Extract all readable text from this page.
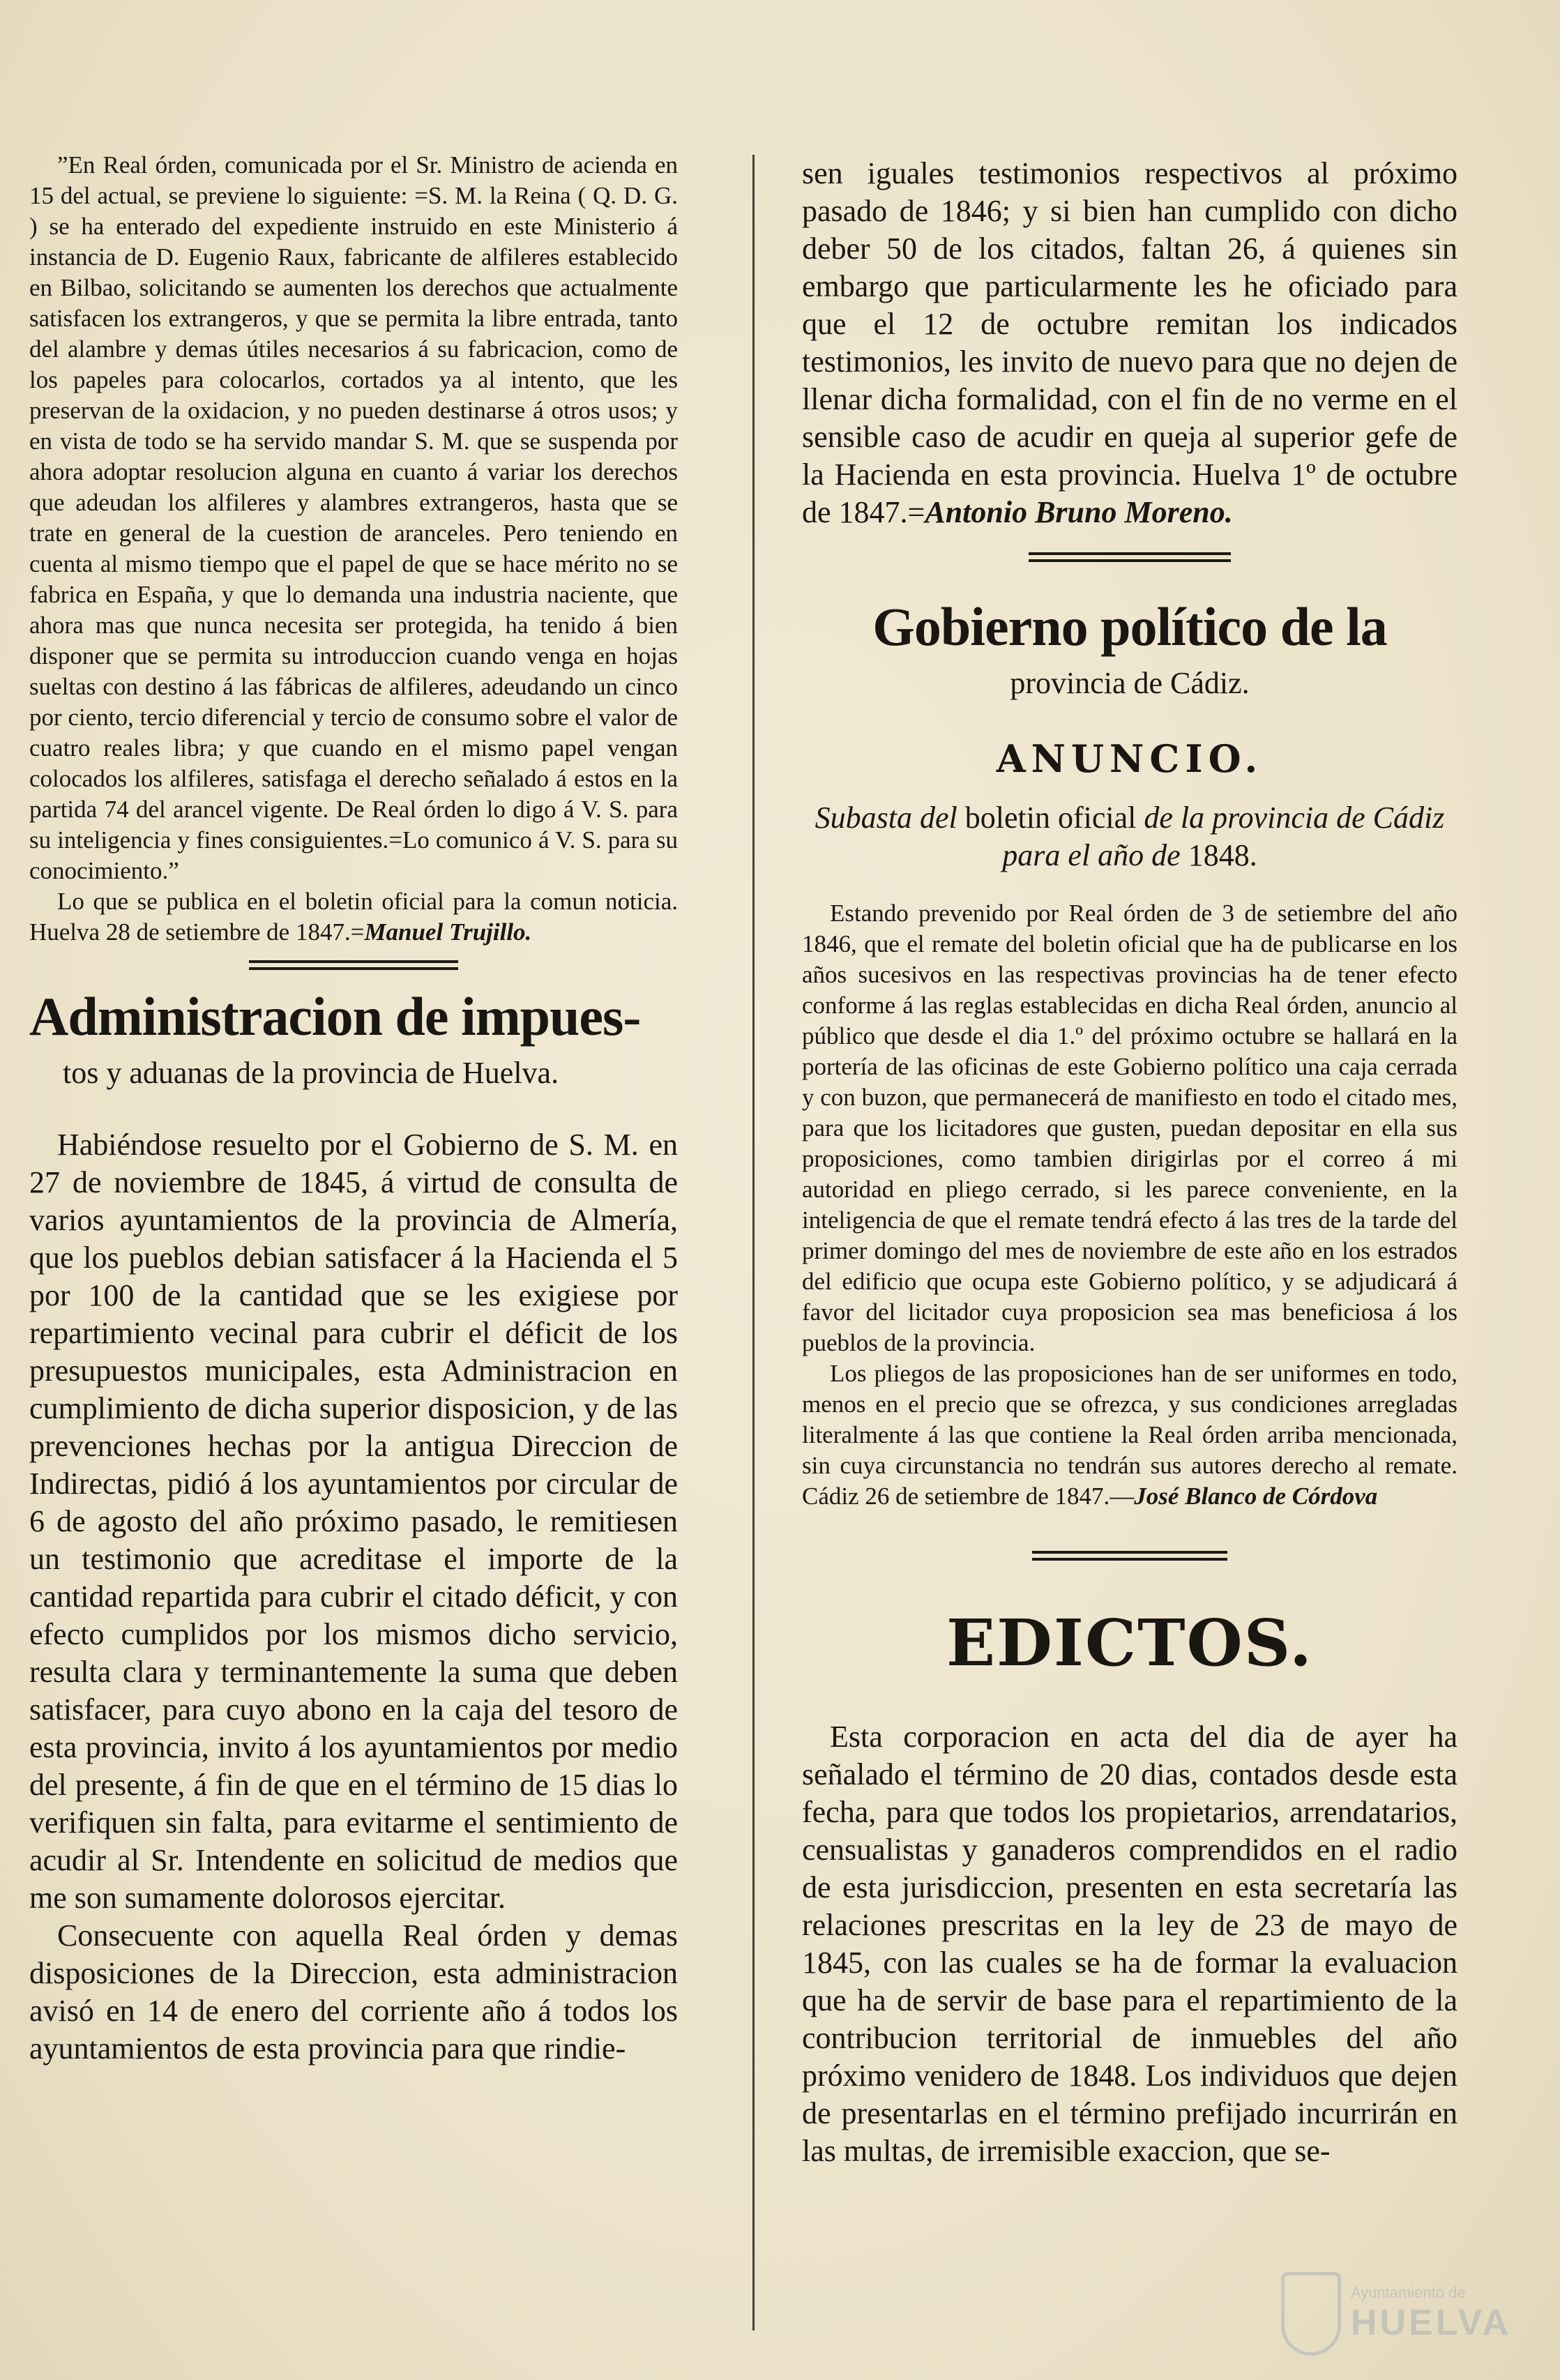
”En Real órden, comunicada por el Sr. Ministro de acienda en 15 del actual, se previene lo siguiente: =S. M. la Reina ( Q. D. G. ) se ha enterado del expediente instruido en este Ministerio á instancia de D. Eugenio Raux, fabricante de alfileres establecido en Bilbao, solicitando se aumenten los derechos que actualmente satisfacen los extrangeros, y que se permita la libre entrada, tanto del alambre y demas útiles necesarios á su fabricacion, como de los papeles para colocarlos, cortados ya al intento, que les preservan de la oxidacion, y no pueden destinarse á otros usos; y en vista de todo se ha servido mandar S. M. que se suspenda por ahora adoptar resolucion alguna en cuanto á variar los derechos que adeudan los alfileres y alambres extrangeros, hasta que se trate en general de la cuestion de aranceles. Pero teniendo en cuenta al mismo tiempo que el papel de que se hace mérito no se fabrica en España, y que lo demanda una industria naciente, que ahora mas que nunca necesita ser protegida, ha tenido á bien disponer que se permita su introduccion cuando venga en hojas sueltas con destino á las fábricas de alfileres, adeudando un cinco por ciento, tercio diferencial y tercio de consumo sobre el valor de cuatro reales libra; y que cuando en el mismo papel vengan colocados los alfileres, satisfaga el derecho señalado á estos en la partida 74 del arancel vigente. De Real órden lo digo á V. S. para su inteligencia y fines consiguientes.=Lo comunico á V. S. para su conocimiento.”

Lo que se publica en el boletin oficial para la comun noticia. Huelva 28 de setiembre de 1847.=Manuel Trujillo.

Administracion de impues-
tos y aduanas de la provincia de Huelva.

Habiéndose resuelto por el Gobierno de S. M. en 27 de noviembre de 1845, á virtud de consulta de varios ayuntamientos de la provincia de Almería, que los pueblos debian satisfacer á la Hacienda el 5 por 100 de la cantidad que se les exigiese por repartimiento vecinal para cubrir el déficit de los presupuestos municipales, esta Administracion en cumplimiento de dicha superior disposicion, y de las prevenciones hechas por la antigua Direccion de Indirectas, pidió á los ayuntamientos por circular de 6 de agosto del año próximo pasado, le remitiesen un testimonio que acreditase el importe de la cantidad repartida para cubrir el citado déficit, y con efecto cumplidos por los mismos dicho servicio, resulta clara y terminantemente la suma que deben satisfacer, para cuyo abono en la caja del tesoro de esta provincia, invito á los ayuntamientos por medio del presente, á fin de que en el término de 15 dias lo verifiquen sin falta, para evitarme el sentimiento de acudir al Sr. Intendente en solicitud de medios que me son sumamente dolorosos ejercitar.

Consecuente con aquella Real órden y demas disposiciones de la Direccion, esta administracion avisó en 14 de enero del corriente año á todos los ayuntamientos de esta provincia para que rindie-

sen iguales testimonios respectivos al próximo pasado de 1846; y si bien han cumplido con dicho deber 50 de los citados, faltan 26, á quienes sin embargo que particularmente les he oficiado para que el 12 de octubre remitan los indicados testimonios, les invito de nuevo para que no dejen de llenar dicha formalidad, con el fin de no verme en el sensible caso de acudir en queja al superior gefe de la Hacienda en esta provincia. Huelva 1º de octubre de 1847.=Antonio Bruno Moreno.

Gobierno político de la
provincia de Cádiz.
ANUNCIO.
Subasta del boletin oficial de la provincia de Cádiz para el año de 1848.

Estando prevenido por Real órden de 3 de setiembre del año 1846, que el remate del boletin oficial que ha de publicarse en los años sucesivos en las respectivas provincias ha de tener efecto conforme á las reglas establecidas en dicha Real órden, anuncio al público que desde el dia 1.º del próximo octubre se hallará en la portería de las oficinas de este Gobierno político una caja cerrada y con buzon, que permanecerá de manifiesto en todo el citado mes, para que los licitadores que gusten, puedan depositar en ella sus proposiciones, como tambien dirigirlas por el correo á mi autoridad en pliego cerrado, si les parece conveniente, en la inteligencia de que el remate tendrá efecto á las tres de la tarde del primer domingo del mes de noviembre de este año en los estrados del edificio que ocupa este Gobierno político, y se adjudicará á favor del licitador cuya proposicion sea mas beneficiosa á los pueblos de la provincia.

Los pliegos de las proposiciones han de ser uniformes en todo, menos en el precio que se ofrezca, y sus condiciones arregladas literalmente á las que contiene la Real órden arriba mencionada, sin cuya circunstancia no tendrán sus autores derecho al remate. Cádiz 26 de setiembre de 1847.—José Blanco de Córdova

EDICTOS.

Esta corporacion en acta del dia de ayer ha señalado el término de 20 dias, contados desde esta fecha, para que todos los propietarios, arrendatarios, censualistas y ganaderos comprendidos en el radio de esta jurisdiccion, presenten en esta secretaría las relaciones prescritas en la ley de 23 de mayo de 1845, con las cuales se ha de formar la evaluacion que ha de servir de base para el repartimiento de la contribucion territorial de inmuebles del año próximo venidero de 1848. Los individuos que dejen de presentarlas en el término prefijado incurrirán en las multas, de irremisible exaccion, que se-

Ayuntamiento de
HUELVA
